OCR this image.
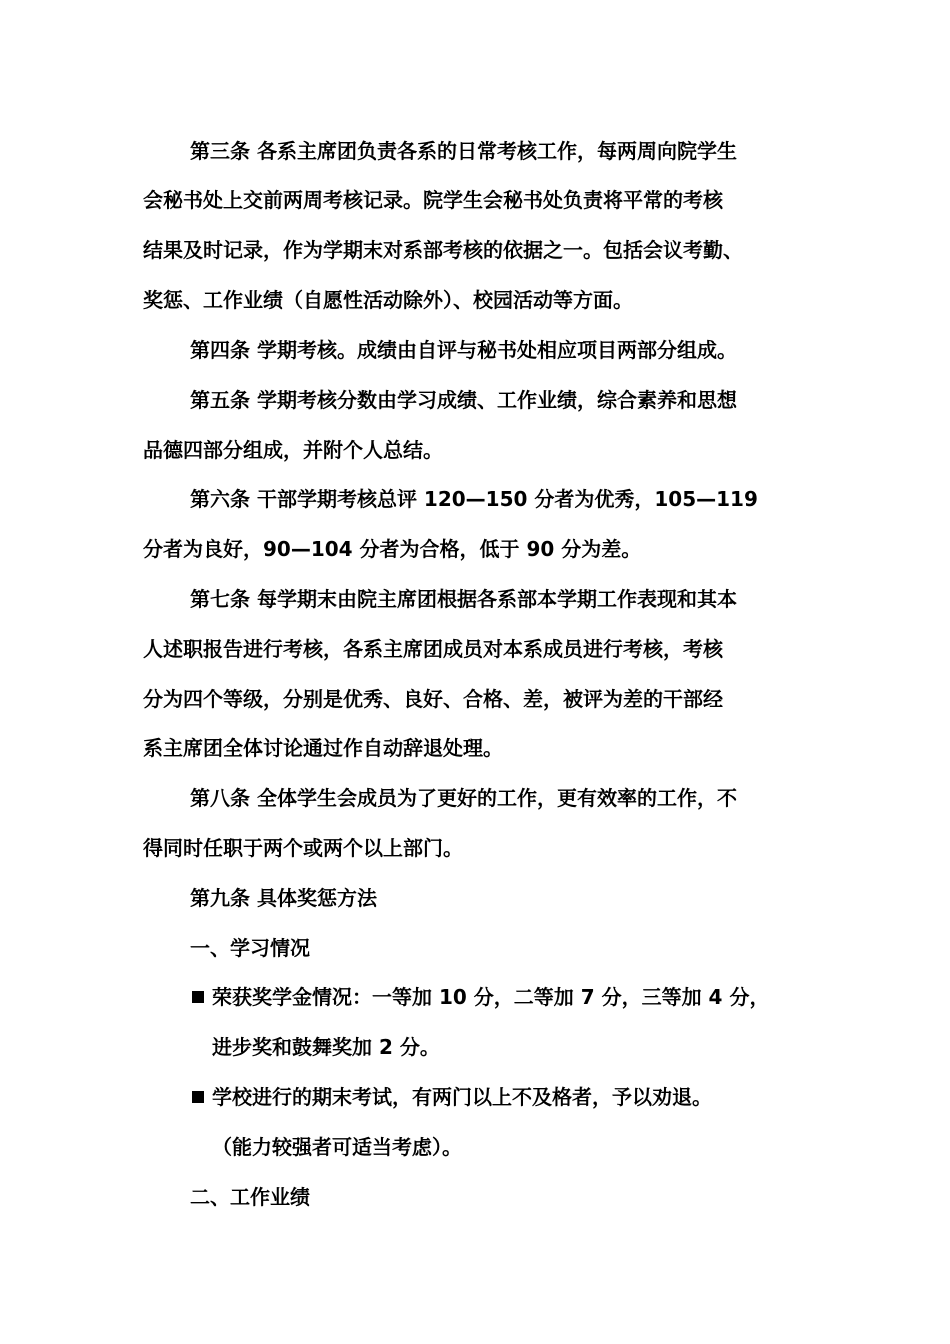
第三条 各系主席团负责各系的日常考核工作，每两周向院学生
会秘书处上交前两周考核记录。院学生会秘书处负责将平常的考核
结果及时记录，作为学期末对系部考核的依据之一。包括会议考勤、
奖惩、工作业绩（自愿性活动除外）、校园活动等方面。
第四条 学期考核。成绩由自评与秘书处相应项目两部分组成。
第五条 学期考核分数由学习成绩、工作业绩，综合素养和思想
品德四部分组成，并附个人总结。
第六条 干部学期考核总评 120—150 分者为优秀，105—119
分者为良好，90—104 分者为合格，低于 90 分为差。
第七条 每学期末由院主席团根据各系部本学期工作表现和其本
人述职报告进行考核，各系主席团成员对本系成员进行考核，考核
分为四个等级，分别是优秀、良好、合格、差，被评为差的干部经
系主席团全体讨论通过作自动辞退处理。
第八条 全体学生会成员为了更好的工作，更有效率的工作，不
得同时任职于两个或两个以上部门。
第九条 具体奖惩方法
一、学习情况
荣获奖学金情况：一等加 10 分，二等加 7 分，三等加 4 分，
进步奖和鼓舞奖加 2 分。
学校进行的期末考试，有两门以上不及格者，予以劝退。
（能力较强者可适当考虑）。
二、工作业绩
